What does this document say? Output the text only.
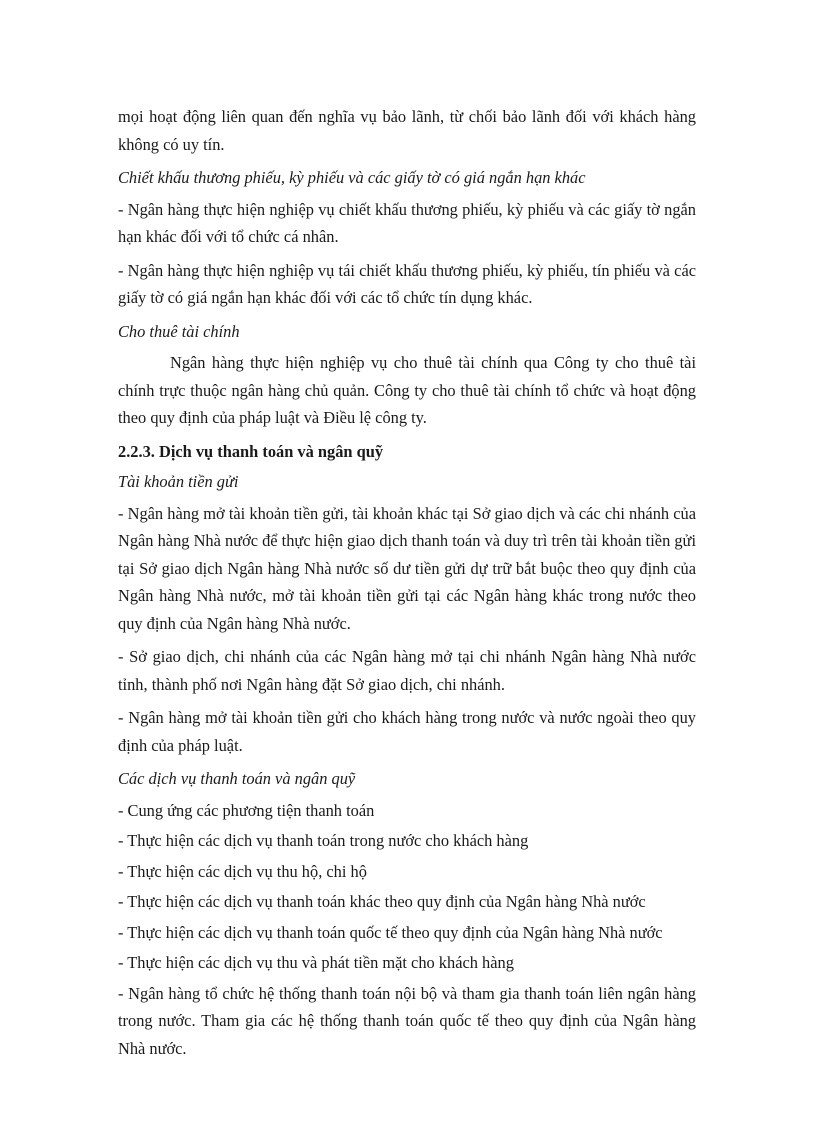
mọi hoạt động liên quan đến nghĩa vụ bảo lãnh, từ chối bảo lãnh đối với khách hàng không có uy tín.

Chiết khấu thương phiếu, kỳ phiếu và các giấy tờ có giá ngắn hạn khác

- Ngân hàng thực hiện nghiệp vụ chiết khấu thương phiếu, kỳ phiếu và các giấy tờ ngắn hạn khác đối với tổ chức cá nhân.

- Ngân hàng thực hiện nghiệp vụ tái chiết khấu thương phiếu, kỳ phiếu, tín phiếu và các giấy tờ có giá ngắn hạn khác đối với các tổ chức tín dụng khác.

Cho thuê tài chính

Ngân hàng thực hiện nghiệp vụ cho thuê tài chính qua Công ty cho thuê tài chính trực thuộc ngân hàng chủ quản. Công ty cho thuê tài chính tổ chức và hoạt động theo quy định của pháp luật và Điều lệ công ty.

2.2.3. Dịch vụ thanh toán và ngân quỹ

Tài khoản tiền gửi

- Ngân hàng mở tài khoản tiền gửi, tài khoản khác tại Sở giao dịch và các chi nhánh của Ngân hàng Nhà nước để thực hiện giao dịch thanh toán và duy trì trên tài khoản tiền gửi tại Sở giao dịch Ngân hàng Nhà nước số dư tiền gửi dự trữ bắt buộc theo quy định của Ngân hàng Nhà nước, mở tài khoản tiền gửi tại các Ngân hàng khác trong nước theo quy định của Ngân hàng Nhà nước.

- Sở giao dịch, chi nhánh của các Ngân hàng mở tại chi nhánh Ngân hàng Nhà nước tỉnh, thành phố nơi Ngân hàng đặt Sở giao dịch, chi nhánh.

- Ngân hàng mở tài khoản tiền gửi cho khách hàng trong nước và nước ngoài theo quy định của pháp luật.

Các dịch vụ thanh toán và ngân quỹ

- Cung ứng các phương tiện thanh toán

- Thực hiện các dịch vụ thanh toán trong nước cho khách hàng

- Thực hiện các dịch vụ thu hộ, chi hộ

- Thực hiện các dịch vụ thanh toán khác theo quy định của Ngân hàng Nhà nước

- Thực hiện các dịch vụ thanh toán quốc tế theo quy định của Ngân hàng Nhà nước

- Thực hiện các dịch vụ thu và phát tiền mặt cho khách hàng

- Ngân hàng tổ chức hệ thống thanh toán nội bộ và tham gia thanh toán liên ngân hàng trong nước. Tham gia các hệ thống thanh toán quốc tế theo quy định của Ngân hàng Nhà nước.
